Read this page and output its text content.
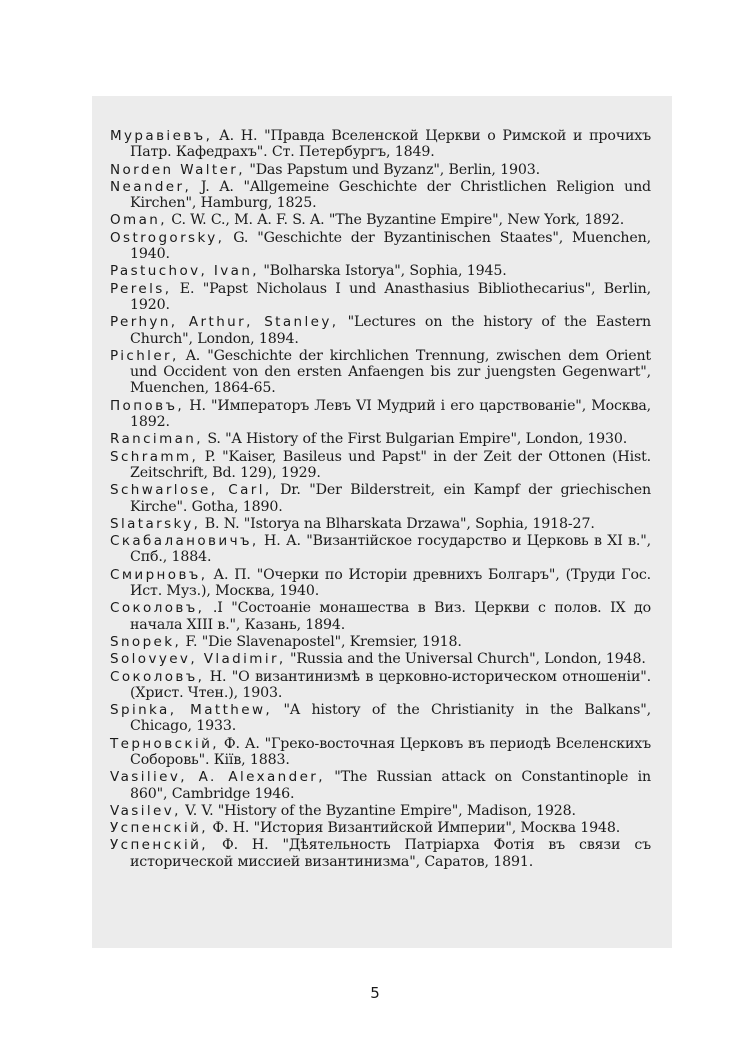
Муравіевъ, А. Н. "Правда Вселенской Церкви о Римской и прочихъ Патр. Кафедрахъ". Ст. Петербургъ, 1849.
Norden Walter, "Das Papstum und Byzanz", Berlin, 1903.
Neander, J. A. "Allgemeine Geschichte der Christlichen Religion und Kirchen", Hamburg, 1825.
Oman, C. W. C., M. A. F. S. A. "The Byzantine Empire", New York, 1892.
Ostrogorsky, G. "Geschichte der Byzantinischen Staates", Muenchen, 1940.
Pastuchov, Ivan, "Bolharska Istorya", Sophia, 1945.
Perels, E. "Papst Nicholaus I und Anasthasius Bibliothecarius", Berlin, 1920.
Perhyn, Arthur, Stanley, "Lectures on the history of the Eastern Church", London, 1894.
Pichler, A. "Geschichte der kirchlichen Trennung, zwischen dem Orient und Occident von den ersten Anfaengen bis zur juengsten Gegenwart", Muenchen, 1864-65.
Поповъ, Н. "Императоръ Левъ VI Мудрий і его царствованіе", Москва, 1892.
Ranciman, S. "A History of the First Bulgarian Empire", London, 1930.
Schramm, P. "Kaiser, Basileus und Papst" in der Zeit der Ottonen (Hist. Zeitschrift, Bd. 129), 1929.
Schwarlose, Carl, Dr. "Der Bilderstreit, ein Kampf der griechischen Kirche". Gotha, 1890.
Slatarsky, B. N. "Istorya na Blharskata Drzawa", Sophia, 1918-27.
Скабалановичъ, Н. А. "Византійское государство и Церковь в XI в.", Спб., 1884.
Смирновъ, А. П. "Очерки по Исторіи древнихъ Болгаръ", (Труди Гос. Ист. Муз.), Москва, 1940.
Соколовъ, .І "Состоаніе монашества в Виз. Церкви с полов. IX до начала XIII в.", Казань, 1894.
Snopek, F. "Die Slavenapostel", Kremsier, 1918.
Solovyev, Vladimir, "Russia and the Universal Church", London, 1948.
Соколовъ, Н. "О византинизмѣ в церковно-историческом отношеніи". (Христ. Чтен.), 1903.
Spinka, Matthew, "A history of the Christianity in the Balkans", Chicago, 1933.
Терновскій, Ф. А. "Греко-восточная Церковъ въ периодѣ Вселенскихъ Соборовь". Кіїв, 1883.
Vasiliev, A. Alexander, "The Russian attack on Constantinople in 860", Cambridge 1946.
Vasilev, V. V. "History of the Byzantine Empire", Madison, 1928.
Успенскій, Ф. Н. "История Византийской Империи", Москва 1948.
Успенскій, Ф. Н. "Дѣятельность Патріарха Фотія въ связи съ исторической миссией византинизма", Саратов, 1891.
5
